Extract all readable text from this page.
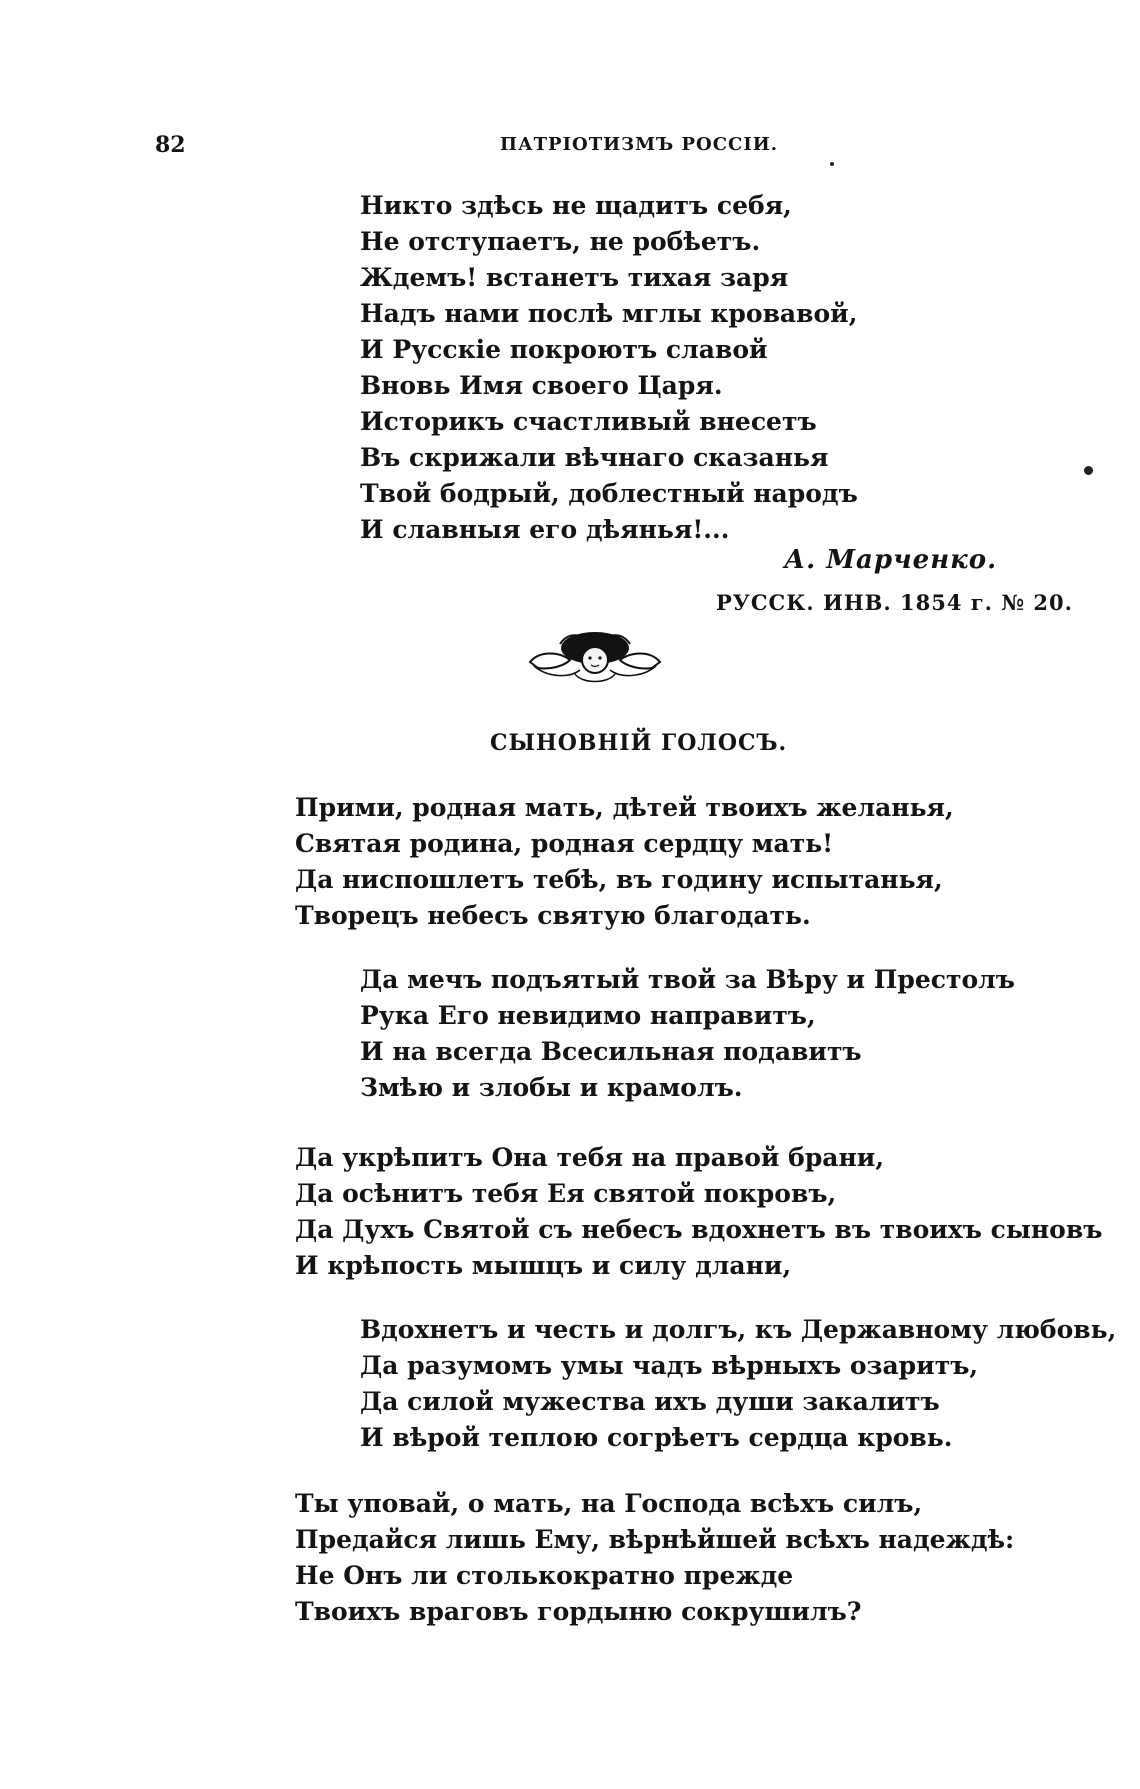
82	ПАТРІОТИЗМЪ РОССІИ.
Никто здѣсь не щадитъ себя,
Не отступаетъ, не робѣетъ.
Ждемъ! встанетъ тихая заря
Надъ нами послѣ мглы кровавой,
И Русскіе покроютъ славой
Вновь Имя своего Царя.
Историкъ счастливый внесетъ
Въ скрижали вѣчнаго сказанья
Твой бодрый, доблестный народъ
И славныя его дѣянья!...
А. Марченко.
РУССК. ИНВ. 1854 г. № 20.
СЫНОВНІЙ ГОЛОСЪ.
Прими, родная мать, дѣтей твоихъ желанья,
Святая родина, родная сердцу мать!
Да ниспошлетъ тебѣ, въ годину испытанья,
Творецъ небесъ святую благодать.
Да мечъ подъятый твой за Вѣру и Престолъ
Рука Его невидимо направитъ,
И на всегда Всесильная подавитъ
Змѣю и злобы и крамолъ.
Да укрѣпитъ Она тебя на правой брани,
Да осѣнитъ тебя Ея святой покровъ,
Да Духъ Святой съ небесъ вдохнетъ въ твоихъ сыновъ
И крѣпость мышцъ и силу длани,
Вдохнетъ и честь и долгъ, къ Державному любовь,
Да разумомъ умы чадъ вѣрныхъ озаритъ,
Да силой мужества ихъ души закалитъ
И вѣрой теплою согрѣетъ сердца кровь.
Ты уповай, о мать, на Господа всѣхъ силъ,
Предайся лишь Ему, вѣрнѣйшей всѣхъ надеждѣ:
Не Онъ ли столькократно прежде
Твоихъ враговъ гордыню сокрушилъ?
